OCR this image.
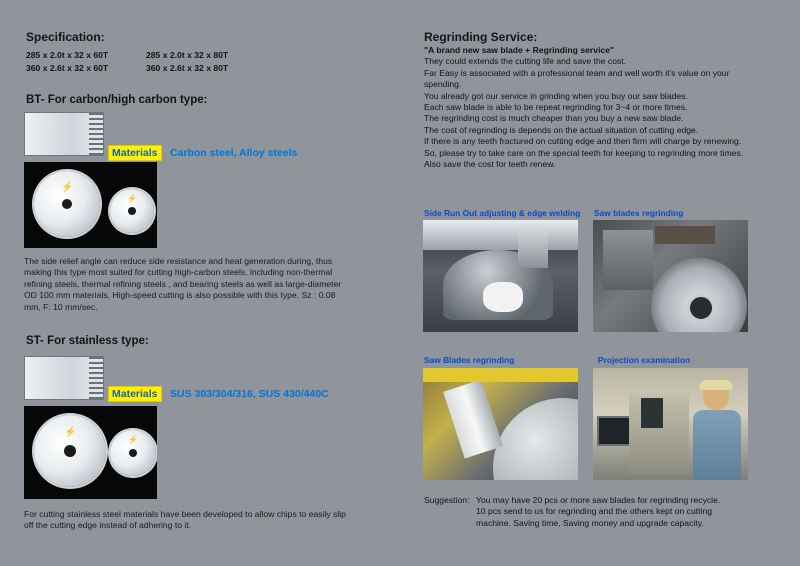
Specification:
285 x 2.0t x 32 x 60T	285 x 2.0t x 32 x 80T
360 x 2.6t x 32 x 60T	360 x 2.6t x 32 x 80T
BT- For carbon/high carbon type:
Materials Carbon steel, Alloy steels
⚡
⚡
The side relief angle can reduce side resistance and heat generation during, thus
making this type most suited for cutting high-carbon steels, including non-thermal
refining steels, thermal refining steels , and bearing steels as well as large-diameter
OD 100 mm materials. High-speed cutting is also possible with this type. Sz : 0.08
mm, F: 10 mm/sec.
ST- For stainless type:
Materials SUS 303/304/316, SUS 430/440C
⚡
⚡
For cutting stainless steel materials have been developed to allow chips to easily slip
off the cutting edge instead of adhering to it.
Regrinding Service:
"A brand new saw blade + Regrinding service"
They could extends the cutting life and save the cost.
Far Easy is associated with a professional team and well worth it's value on your
spending.
You already got our service in grinding when you buy our saw blades.
Each saw blade is able to be repeat regrinding for 3~4 or more times.
The regrinding cost is much cheaper than you buy a new saw blade.
The cost of regrinding is depends on the actual situation of cutting edge.
If there is any teeth fractured on cutting edge and then firm will charge by renewing.
So, please try to take care on the special teeth for keeping to regrinding more times.
Also save the cost for teeth renew.
Side Run Out adjusting & edge welding Saw blades regrinding
Saw Blades regrinding	Projection examination
Suggestion: You may have 20 pcs or more saw blades for regrinding recycle.
10 pcs send to us for regrinding and the others kept on cutting
machine. Saving time, Saving money and upgrade capacity.
